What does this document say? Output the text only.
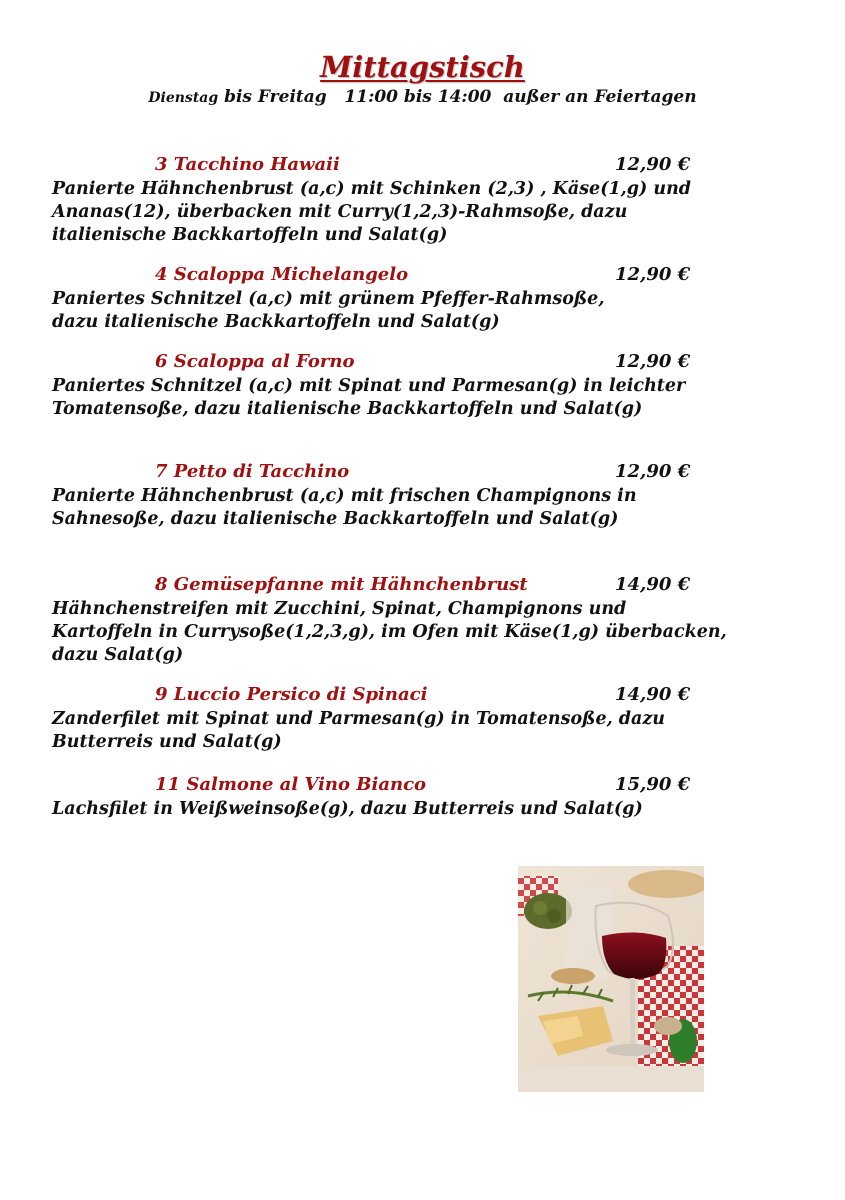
Mittagstisch
Dienstag bis Freitag   11:00 bis 14:00  außer an Feiertagen
3 Tacchino Hawaii	12,90 €
Panierte Hähnchenbrust (a,c) mit Schinken (2,3) , Käse(1,g) und
Ananas(12), überbacken mit Curry(1,2,3)-Rahmsoße, dazu
italienische Backkartoffeln und Salat(g)
4 Scaloppa Michelangelo	12,90 €
Paniertes Schnitzel (a,c) mit grünem Pfeffer-Rahmsoße,
dazu italienische Backkartoffeln und Salat(g)
6 Scaloppa al Forno	12,90 €
Paniertes Schnitzel (a,c) mit Spinat und Parmesan(g) in leichter
Tomatensoße, dazu italienische Backkartoffeln und Salat(g)
7 Petto di Tacchino	12,90 €
Panierte Hähnchenbrust (a,c) mit frischen Champignons in
Sahnesoße, dazu italienische Backkartoffeln und Salat(g)
8 Gemüsepfanne mit Hähnchenbrust	14,90 €
Hähnchenstreifen mit Zucchini, Spinat, Champignons und
Kartoffeln in Currysoße(1,2,3,g), im Ofen mit Käse(1,g) überbacken,
dazu Salat(g)
9 Luccio Persico di Spinaci	14,90 €
Zanderfilet mit Spinat und Parmesan(g) in Tomatensoße, dazu
Butterreis und Salat(g)
11 Salmone al Vino Bianco	15,90 €
Lachsfilet in Weißweinsoße(g), dazu Butterreis und Salat(g)
